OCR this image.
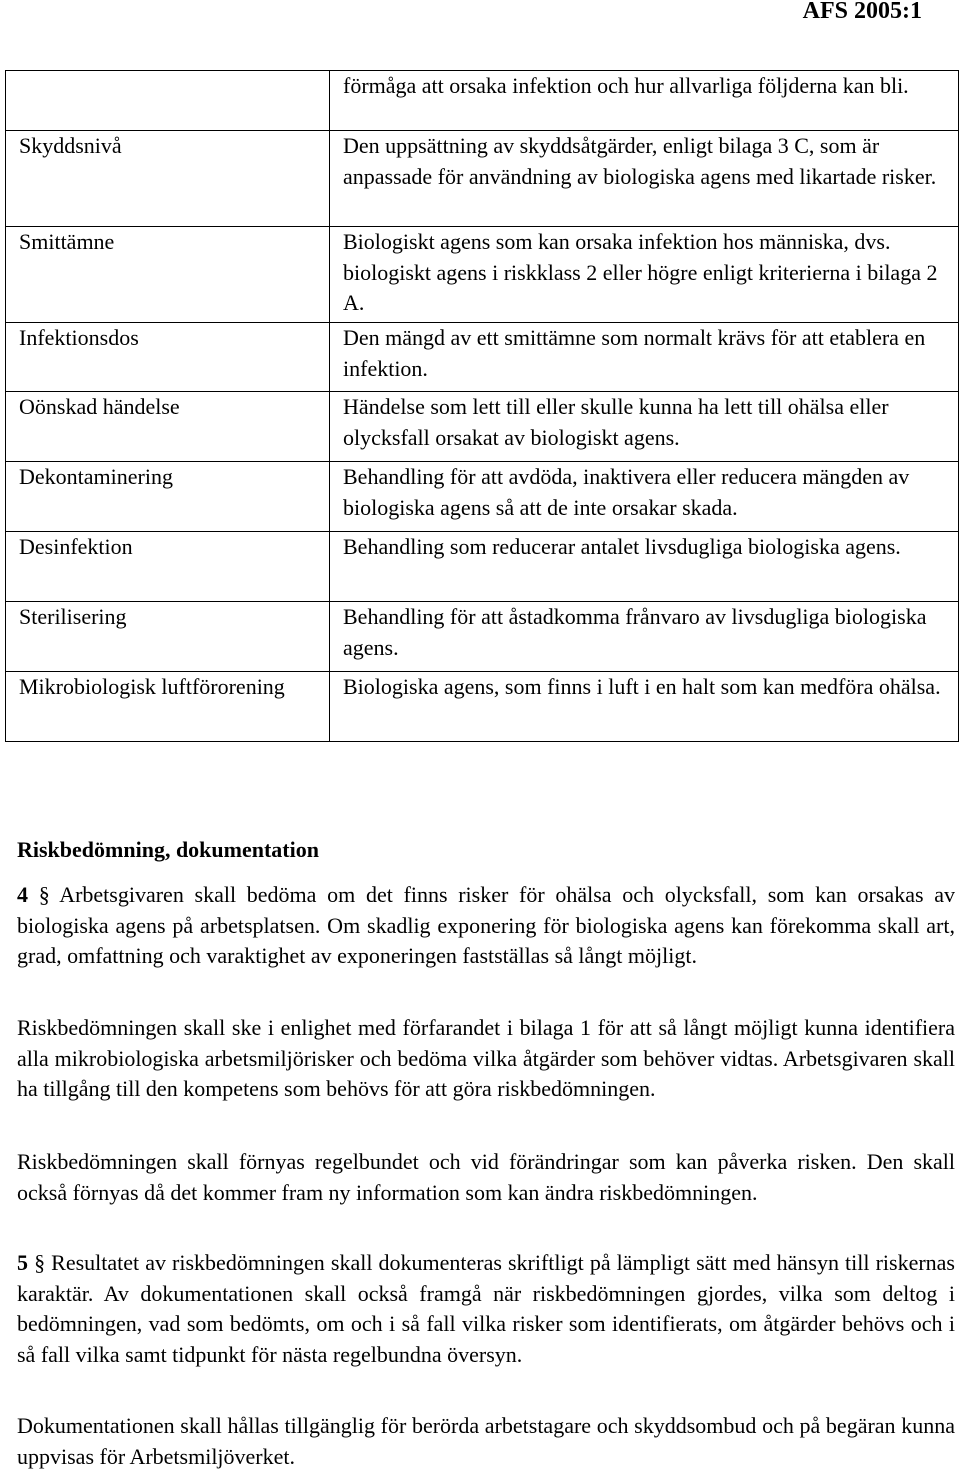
AFS 2005:1

	förmåga att orsaka infektion och hur allvarliga följderna kan bli.

Skyddsnivå	Den uppsättning av skyddsåtgärder, enligt bilaga 3 C, som är anpassade för användning av biologiska agens med likartade risker.

Smittämne	Biologiskt agens som kan orsaka infektion hos människa, dvs. biologiskt agens i riskklass 2 eller högre enligt kriterierna i bilaga 2 A.

Infektionsdos	Den mängd av ett smittämne som normalt krävs för att etablera en infektion.

Oönskad händelse	Händelse som lett till eller skulle kunna ha lett till ohälsa eller olycksfall orsakat av biologiskt agens.

Dekontaminering	Behandling för att avdöda, inaktivera eller reducera mängden av biologiska agens så att de inte orsakar skada.

Desinfektion	Behandling som reducerar antalet livsdugliga biologiska agens.

Sterilisering	Behandling för att åstadkomma frånvaro av livsdugliga biologiska agens.

Mikrobiologisk luftförorening	Biologiska agens, som finns i luft i en halt som kan medföra ohälsa.
Riskbedömning, dokumentation
4 § Arbetsgivaren skall bedöma om det finns risker för ohälsa och olycksfall, som kan orsakas av biologiska agens på arbetsplatsen. Om skadlig exponering för biologiska agens kan förekomma skall art, grad, omfattning och varaktighet av exponeringen fastställas så långt möjligt.
Riskbedömningen skall ske i enlighet med förfarandet i bilaga 1 för att så långt möjligt kunna identifiera alla mikrobiologiska arbetsmiljörisker och bedöma vilka åtgärder som behöver vidtas. Arbetsgivaren skall ha tillgång till den kompetens som behövs för att göra riskbedömningen.
Riskbedömningen skall förnyas regelbundet och vid förändringar som kan påverka risken. Den skall också förnyas då det kommer fram ny information som kan ändra riskbedömningen.
5 § Resultatet av riskbedömningen skall dokumenteras skriftligt på lämpligt sätt med hänsyn till riskernas karaktär. Av dokumentationen skall också framgå när riskbedömningen gjordes, vilka som deltog i bedömningen, vad som bedömts, om och i så fall vilka risker som identifierats, om åtgärder behövs och i så fall vilka samt tidpunkt för nästa regelbundna översyn.
Dokumentationen skall hållas tillgänglig för berörda arbetstagare och skyddsombud och på begäran kunna uppvisas för Arbetsmiljöverket.
